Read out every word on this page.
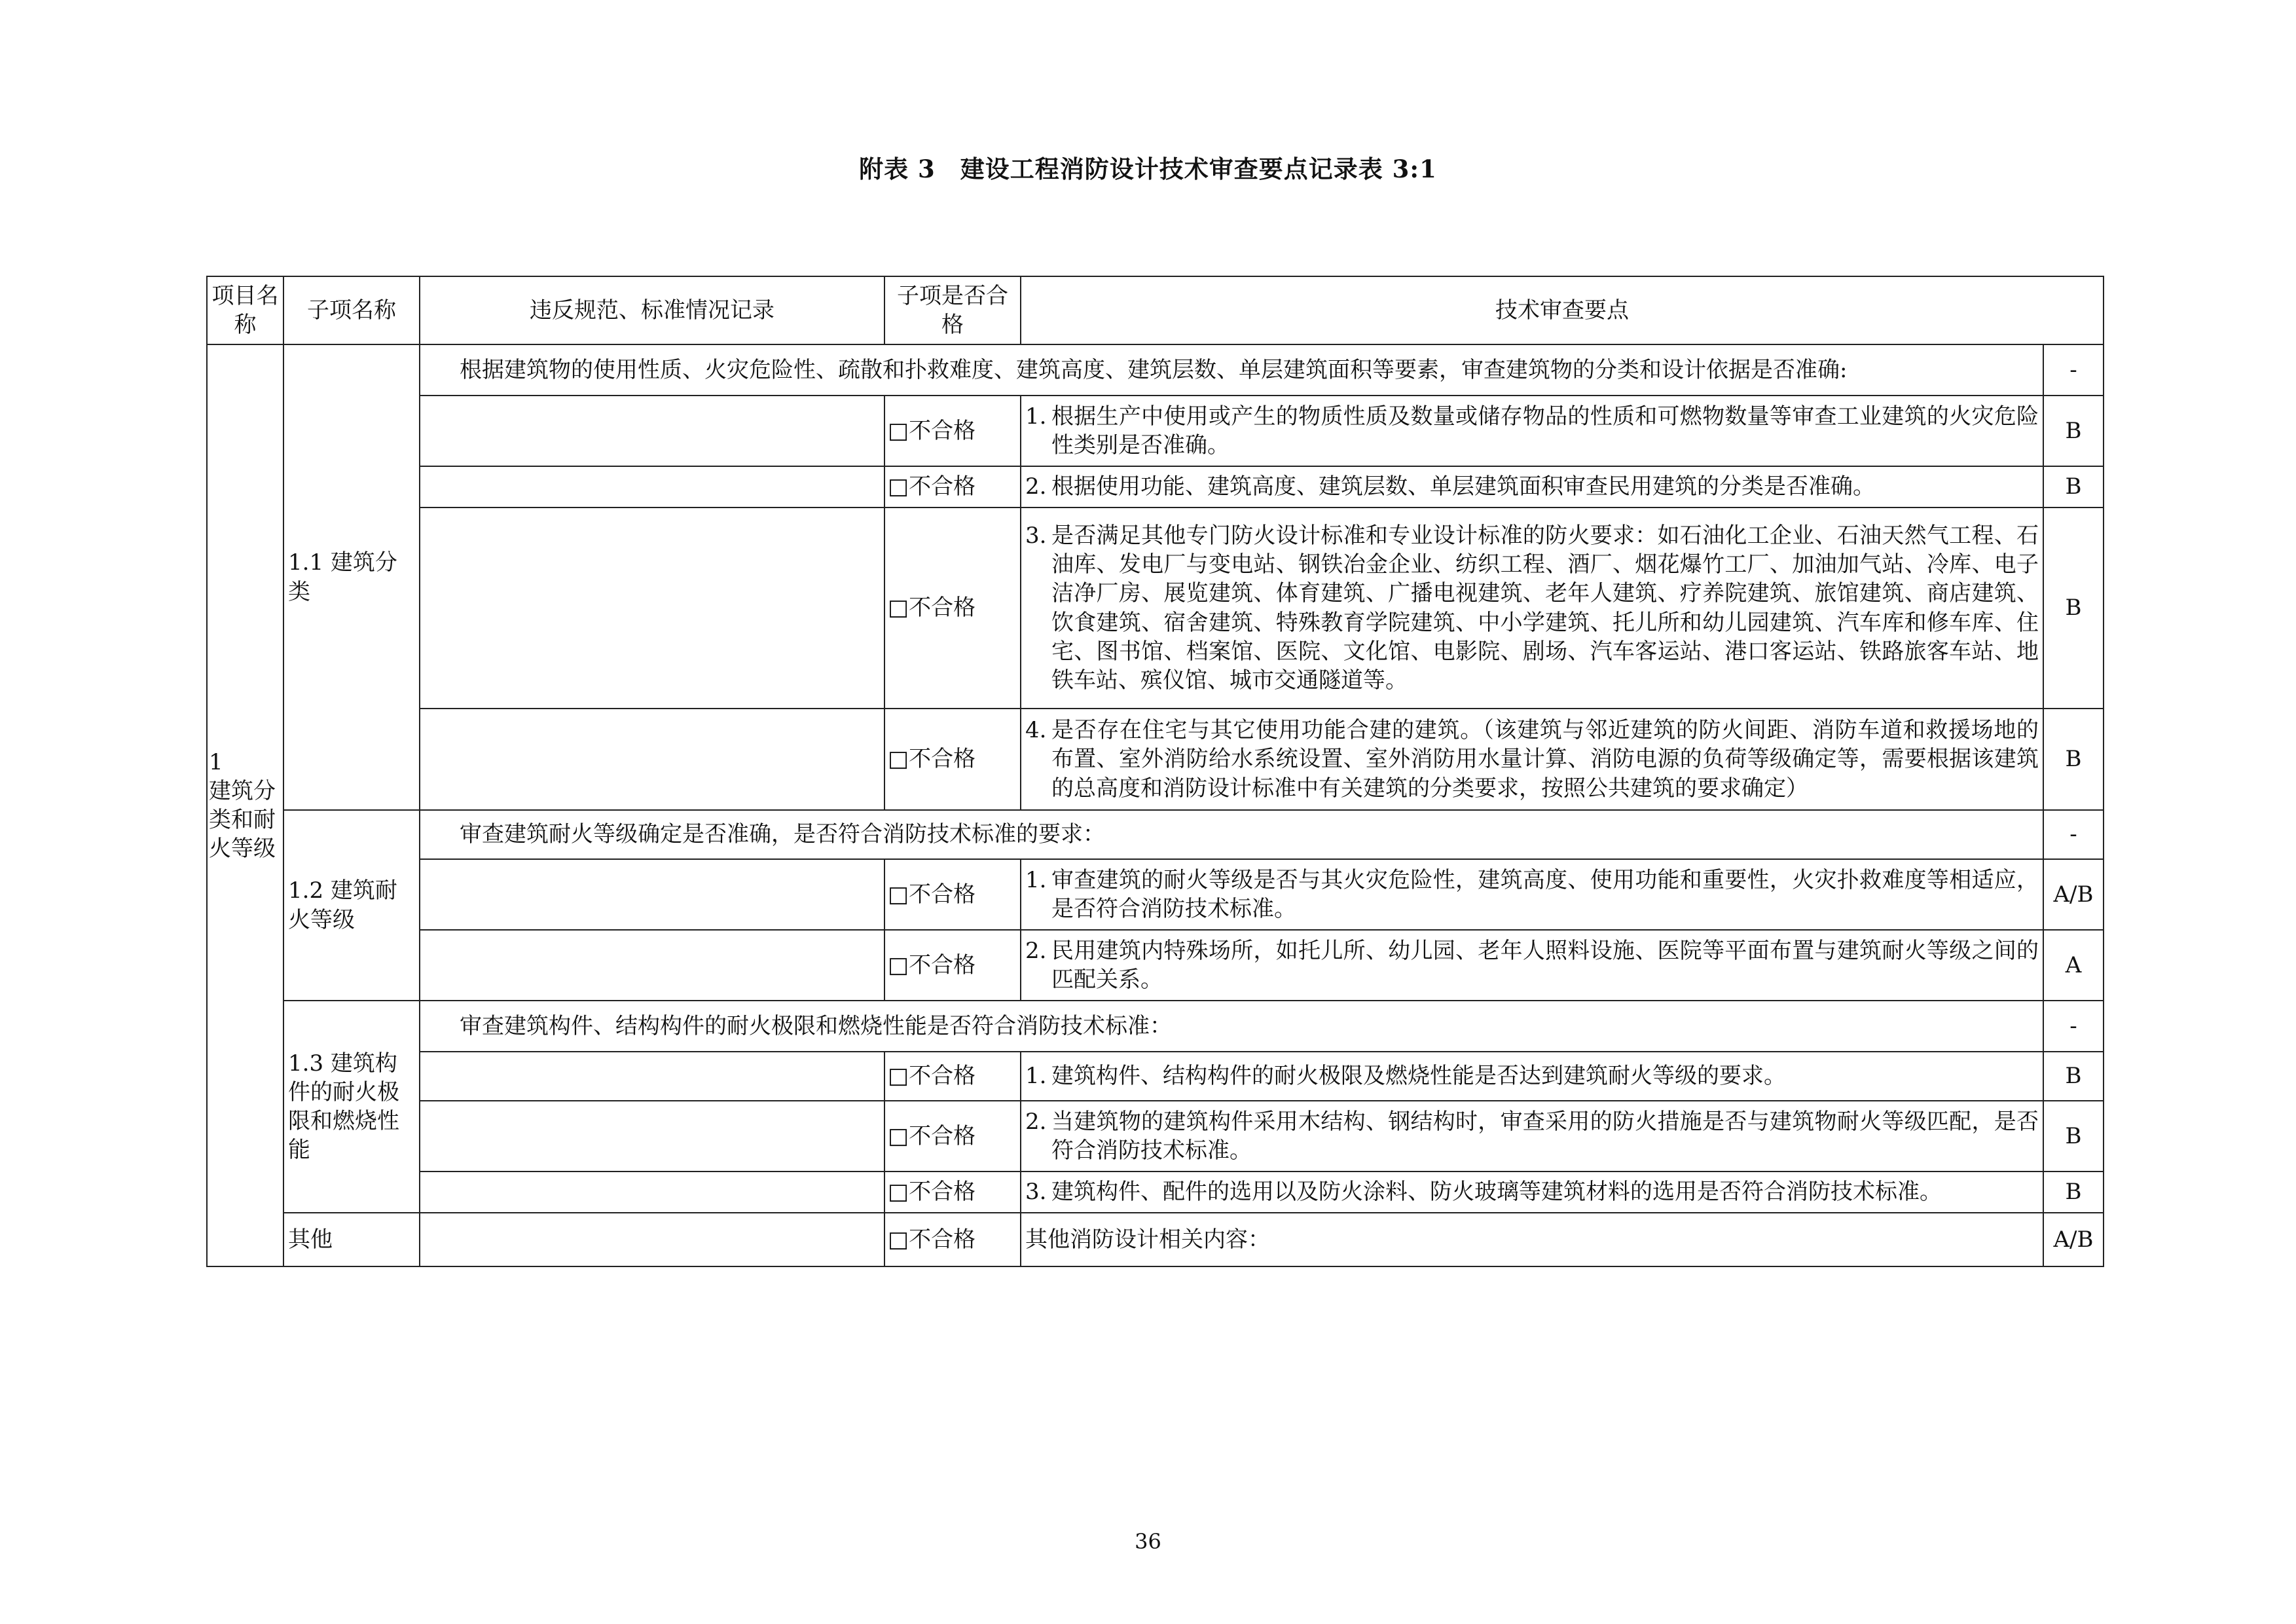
附表 3　建设工程消防设计技术审查要点记录表 3:1
项目名称	子项名称	违反规范、标准情况记录	子项是否合格	技术审查要点	

1
建筑分类和耐火等级	1.1 建筑分类	根据建筑物的使用性质、火灾危险性、疏散和扑救难度、建筑高度、建筑层数、单层建筑面积等要素，审查建筑物的分类和设计依据是否准确:			-
			□不合格	1. 根据生产中使用或产生的物质性质及数量或储存物品的性质和可燃物数量等审查工业建筑的火灾危险性类别是否准确。	B
			□不合格	2. 根据使用功能、建筑高度、建筑层数、单层建筑面积审查民用建筑的分类是否准确。	B
			□不合格	3. 是否满足其他专门防火设计标准和专业设计标准的防火要求：如石油化工企业、石油天然气工程、石油库、发电厂与变电站、钢铁冶金企业、纺织工程、酒厂、烟花爆竹工厂、加油加气站、冷库、电子洁净厂房、展览建筑、体育建筑、广播电视建筑、老年人建筑、疗养院建筑、旅馆建筑、商店建筑、饮食建筑、宿舍建筑、特殊教育学院建筑、中小学建筑、托儿所和幼儿园建筑、汽车库和修车库、住宅、图书馆、档案馆、医院、文化馆、电影院、剧场、汽车客运站、港口客运站、铁路旅客车站、地铁车站、殡仪馆、城市交通隧道等。	B
			□不合格	4. 是否存在住宅与其它使用功能合建的建筑。（该建筑与邻近建筑的防火间距、消防车道和救援场地的布置、室外消防给水系统设置、室外消防用水量计算、消防电源的负荷等级确定等，需要根据该建筑的总高度和消防设计标准中有关建筑的分类要求，按照公共建筑的要求确定）	B
	1.2 建筑耐火等级	审查建筑耐火等级确定是否准确，是否符合消防技术标准的要求：			-
			□不合格	1. 审查建筑的耐火等级是否与其火灾危险性，建筑高度、使用功能和重要性，火灾扑救难度等相适应，是否符合消防技术标准。	A/B
			□不合格	2. 民用建筑内特殊场所，如托儿所、幼儿园、老年人照料设施、医院等平面布置与建筑耐火等级之间的匹配关系。	A
	1.3 建筑构件的耐火极限和燃烧性能	审查建筑构件、结构构件的耐火极限和燃烧性能是否符合消防技术标准：			-
			□不合格	1. 建筑构件、结构构件的耐火极限及燃烧性能是否达到建筑耐火等级的要求。	B
			□不合格	2. 当建筑物的建筑构件采用木结构、钢结构时，审查采用的防火措施是否与建筑物耐火等级匹配，是否符合消防技术标准。	B
			□不合格	3. 建筑构件、配件的选用以及防火涂料、防火玻璃等建筑材料的选用是否符合消防技术标准。	B
	其他		□不合格	其他消防设计相关内容：	A/B
36
